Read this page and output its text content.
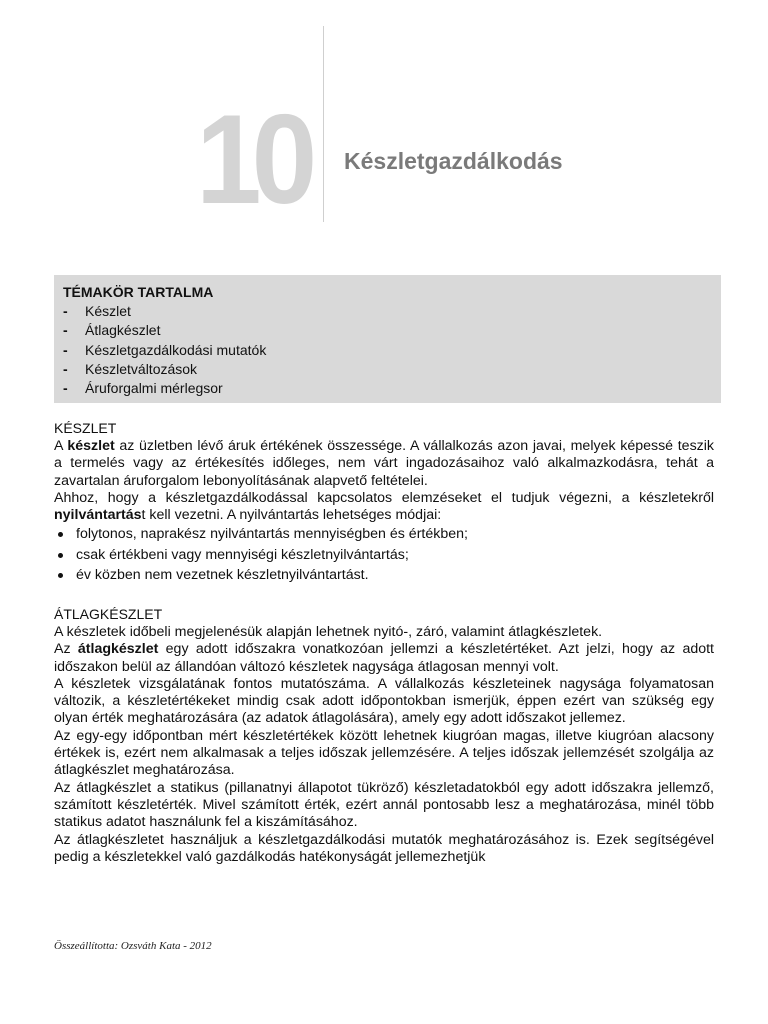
10 Készletgazdálkodás

TÉMAKÖR TARTALMA

- Készlet
- Átlagkészlet
- Készletgazdálkodási mutatók
- Készletváltozások
- Áruforgalmi mérlegsor
KÉSZLET

A készlet az üzletben lévő áruk értékének összessége. A vállalkozás azon javai, melyek képessé teszik a termelés vagy az értékesítés időleges, nem várt ingadozásaihoz való alkalmazkodásra, tehát a zavartalan áruforgalom lebonyolításának alapvető feltételei.

Ahhoz, hogy a készletgazdálkodással kapcsolatos elemzéseket el tudjuk végezni, a készletekről nyilvántartást kell vezetni. A nyilvántartás lehetséges módjai:

folytonos, naprakész nyilvántartás mennyiségben és értékben;
csak értékbeni vagy mennyiségi készletnyilvántartás;
év közben nem vezetnek készletnyilvántartást.
ÁTLAGKÉSZLET

A készletek időbeli megjelenésük alapján lehetnek nyitó-, záró, valamint átlagkészletek.

Az átlagkészlet egy adott időszakra vonatkozóan jellemzi a készletértéket. Azt jelzi, hogy az adott időszakon belül az állandóan változó készletek nagysága átlagosan mennyi volt.

A készletek vizsgálatának fontos mutatószáma. A vállalkozás készleteinek nagysága folyamatosan változik, a készletértékeket mindig csak adott időpontokban ismerjük, éppen ezért van szükség egy olyan érték meghatározására (az adatok átlagolására), amely egy adott időszakot jellemez.

Az egy-egy időpontban mért készletértékek között lehetnek kiugróan magas, illetve kiugróan alacsony értékek is, ezért nem alkalmasak a teljes időszak jellemzésére. A teljes időszak jellemzését szolgálja az átlagkészlet meghatározása.

Az átlagkészlet a statikus (pillanatnyi állapotot tükröző) készletadatokból egy adott időszakra jellemző, számított készletérték. Mivel számított érték, ezért annál pontosabb lesz a meghatározása, minél több statikus adatot használunk fel a kiszámításához.

Az átlagkészletet használjuk a készletgazdálkodási mutatók meghatározásához is. Ezek segítségével pedig a készletekkel való gazdálkodás hatékonyságát jellemezhetjük

Összeállította: Ozsváth Kata - 2012
